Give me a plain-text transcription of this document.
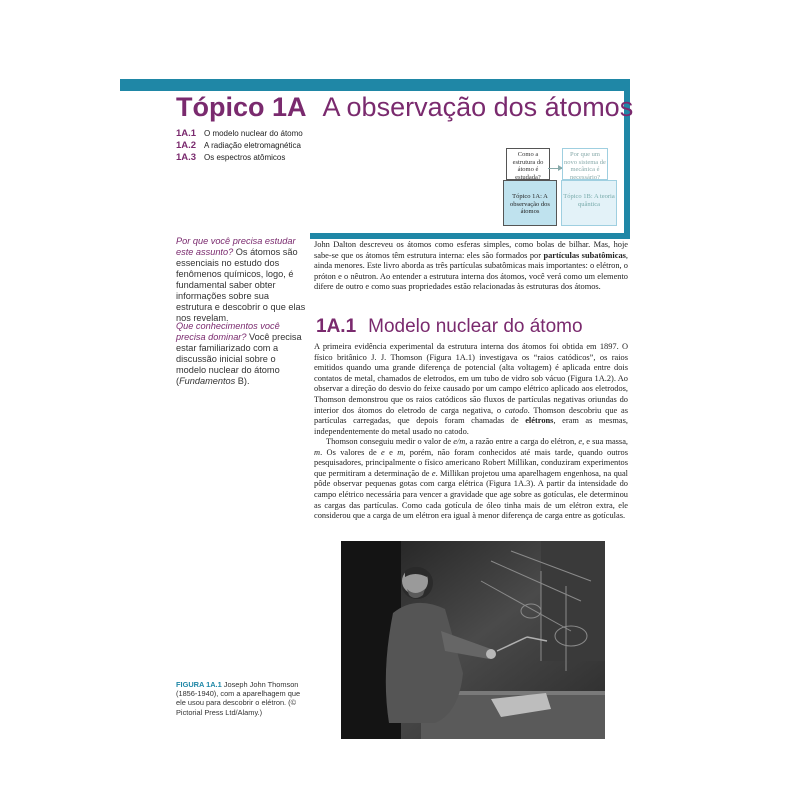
Tópico 1A A observação dos átomos
1A.1 O modelo nuclear do átomo
1A.2 A radiação eletromagnética
1A.3 Os espectros atômicos	Como a estrutura do átomo é estudada?
Tópico 1A: A observação dos átomos
Por que um novo sistema de mecânica é necessário?
Tópico 1B: A teoria quântica
Por que você precisa estudar este assunto? Os átomos são essenciais no estudo dos fenômenos químicos, logo, é fundamental saber obter informações sobre sua estrutura e descobrir o que elas nos revelam.
Que conhecimentos você precisa dominar? Você precisa estar familiarizado com a discussão inicial sobre o modelo nuclear do átomo (Fundamentos B).
John Dalton descreveu os átomos como esferas simples, como bolas de bilhar. Mas, hoje sabe-se que os átomos têm estrutura interna: eles são formados por partículas subatômicas, ainda menores. Este livro aborda as três partículas subatômicas mais importantes: o elétron, o próton e o nêutron. Ao entender a estrutura interna dos átomos, você verá como um elemento difere de outro e como suas propriedades estão relacionadas às estruturas dos átomos.
1A.1 Modelo nuclear do átomo
A primeira evidência experimental da estrutura interna dos átomos foi obtida em 1897. O físico britânico J. J. Thomson (Figura 1A.1) investigava os “raios catódicos”, os raios emitidos quando uma grande diferença de potencial (alta voltagem) é aplicada entre dois contatos de metal, chamados de eletrodos, em um tubo de vidro sob vácuo (Figura 1A.2). Ao observar a direção do desvio do feixe causado por um campo elétrico aplicado aos eletrodos, Thomson demonstrou que os raios catódicos são fluxos de partículas negativas oriundas do interior dos átomos do eletrodo de carga negativa, o catodo. Thomson descobriu que as partículas carregadas, que depois foram chamadas de elétrons, eram as mesmas, independentemente do metal usado no catodo.
Thomson conseguiu medir o valor de e/m, a razão entre a carga do elétron, e, e sua massa, m. Os valores de e e m, porém, não foram conhecidos até mais tarde, quando outros pesquisadores, principalmente o físico americano Robert Millikan, conduziram experimentos que permitiram a determinação de e. Millikan projetou uma aparelhagem engenhosa, na qual pôde observar pequenas gotas com carga elétrica (Figura 1A.3). A partir da intensidade do campo elétrico necessária para vencer a gravidade que age sobre as gotículas, ele determinou as cargas das partículas. Como cada gotícula de óleo tinha mais de um elétron extra, ele considerou que a carga de um elétron era igual à menor diferença de carga entre as gotículas.
FIGURA 1A.1 Joseph John Thomson (1856-1940), com a aparelhagem que ele usou para descobrir o elétron. (© Pictorial Press Ltd/Alamy.)
